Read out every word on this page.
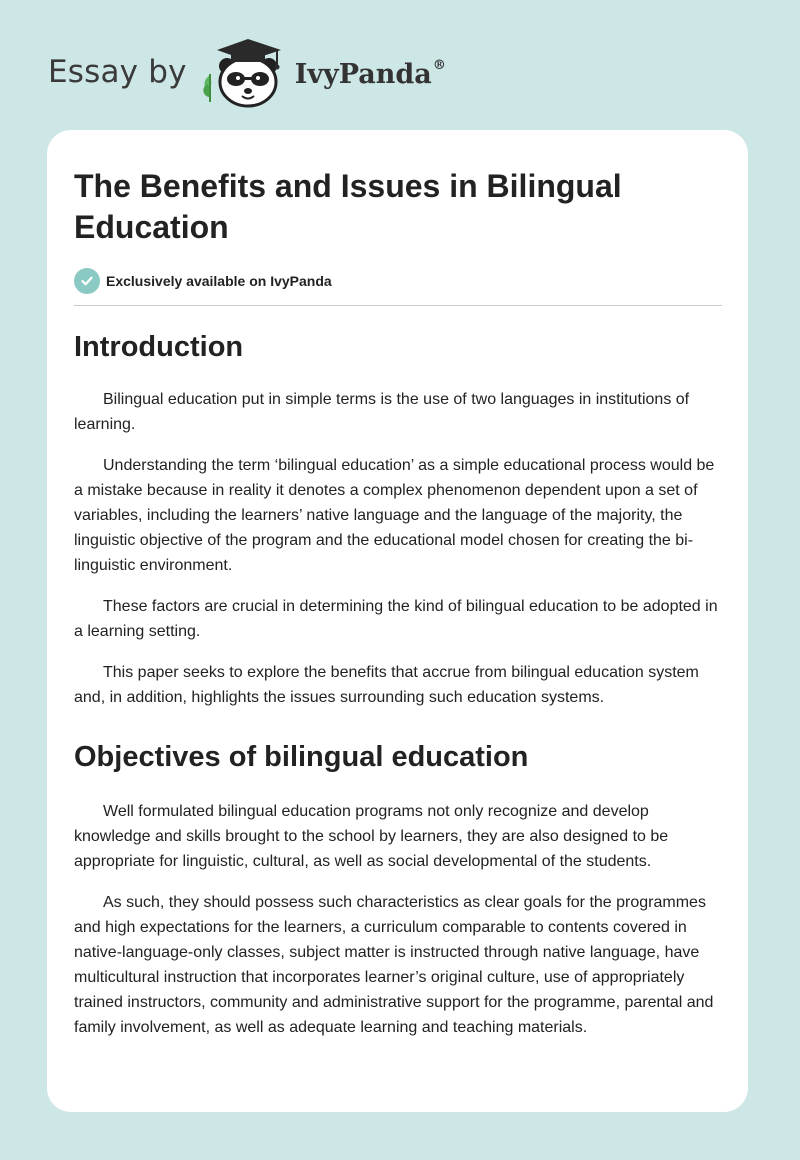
Essay by	IvyPanda®
The Benefits and Issues in Bilingual Education
Exclusively available on IvyPanda
Introduction

Bilingual education put in simple terms is the use of two languages in institutions of learning.

Understanding the term ‘bilingual education’ as a simple educational process would be a mistake because in reality it denotes a complex phenomenon dependent upon a set of variables, including the learners’ native language and the language of the majority, the linguistic objective of the program and the educational model chosen for creating the bi-linguistic environment.

These factors are crucial in determining the kind of bilingual education to be adopted in a learning setting.

This paper seeks to explore the benefits that accrue from bilingual education system and, in addition, highlights the issues surrounding such education systems.

Objectives of bilingual education

Well formulated bilingual education programs not only recognize and develop knowledge and skills brought to the school by learners, they are also designed to be appropriate for linguistic, cultural, as well as social developmental of the students.

As such, they should possess such characteristics as clear goals for the programmes and high expectations for the learners, a curriculum comparable to contents covered in native-language-only classes, subject matter is instructed through native language, have multicultural instruction that incorporates learner’s original culture, use of appropriately trained instructors, community and administrative support for the programme, parental and family involvement, as well as adequate learning and teaching materials.
